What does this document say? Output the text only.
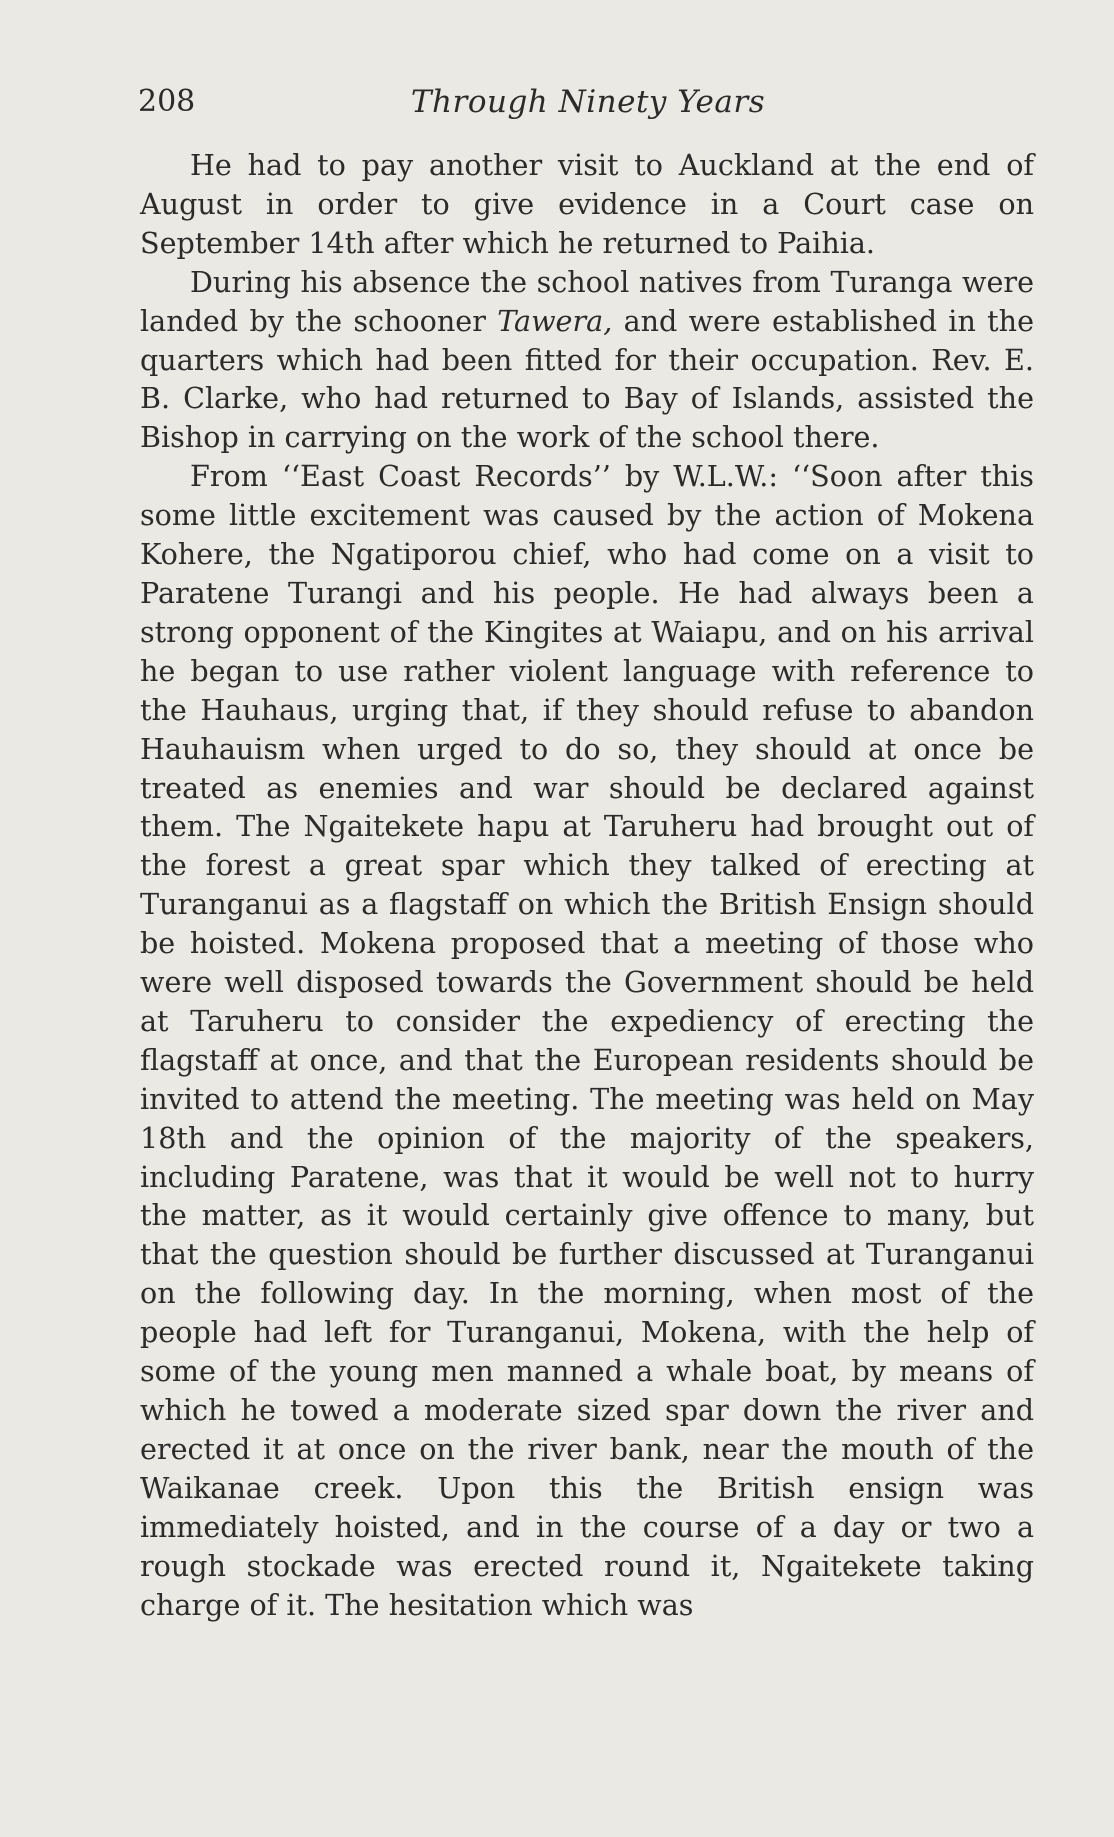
208	Through Ninety Years

He had to pay another visit to Auckland at the end of August in order to give evidence in a Court case on September 14th after which he returned to Paihia.

During his absence the school natives from Turanga were landed by the schooner Tawera, and were established in the quarters which had been fitted for their occupation. Rev. E. B. Clarke, who had returned to Bay of Islands, assisted the Bishop in carrying on the work of the school there.

From ‘‘East Coast Records’’ by W.L.W.: ‘‘Soon after this some little excitement was caused by the action of Mokena Kohere, the Ngatiporou chief, who had come on a visit to Paratene Turangi and his people. He had always been a strong opponent of the Kingites at Waiapu, and on his arrival he began to use rather violent language with reference to the Hauhaus, urging that, if they should refuse to abandon Hauhauism when urged to do so, they should at once be treated as enemies and war should be declared against them. The Ngaitekete hapu at Taruheru had brought out of the forest a great spar which they talked of erecting at Turanganui as a flagstaff on which the British Ensign should be hoisted. Mokena proposed that a meeting of those who were well disposed towards the Government should be held at Taruheru to consider the expediency of erecting the flagstaff at once, and that the European residents should be invited to attend the meeting. The meeting was held on May 18th and the opinion of the majority of the speakers, including Paratene, was that it would be well not to hurry the matter, as it would certainly give offence to many, but that the question should be further discussed at Turanganui on the following day. In the morning, when most of the people had left for Turanganui, Mokena, with the help of some of the young men manned a whale boat, by means of which he towed a moderate sized spar down the river and erected it at once on the river bank, near the mouth of the Waikanae creek. Upon this the British ensign was immediately hoisted, and in the course of a day or two a rough stockade was erected round it, Ngaitekete taking charge of it. The hesitation which was
